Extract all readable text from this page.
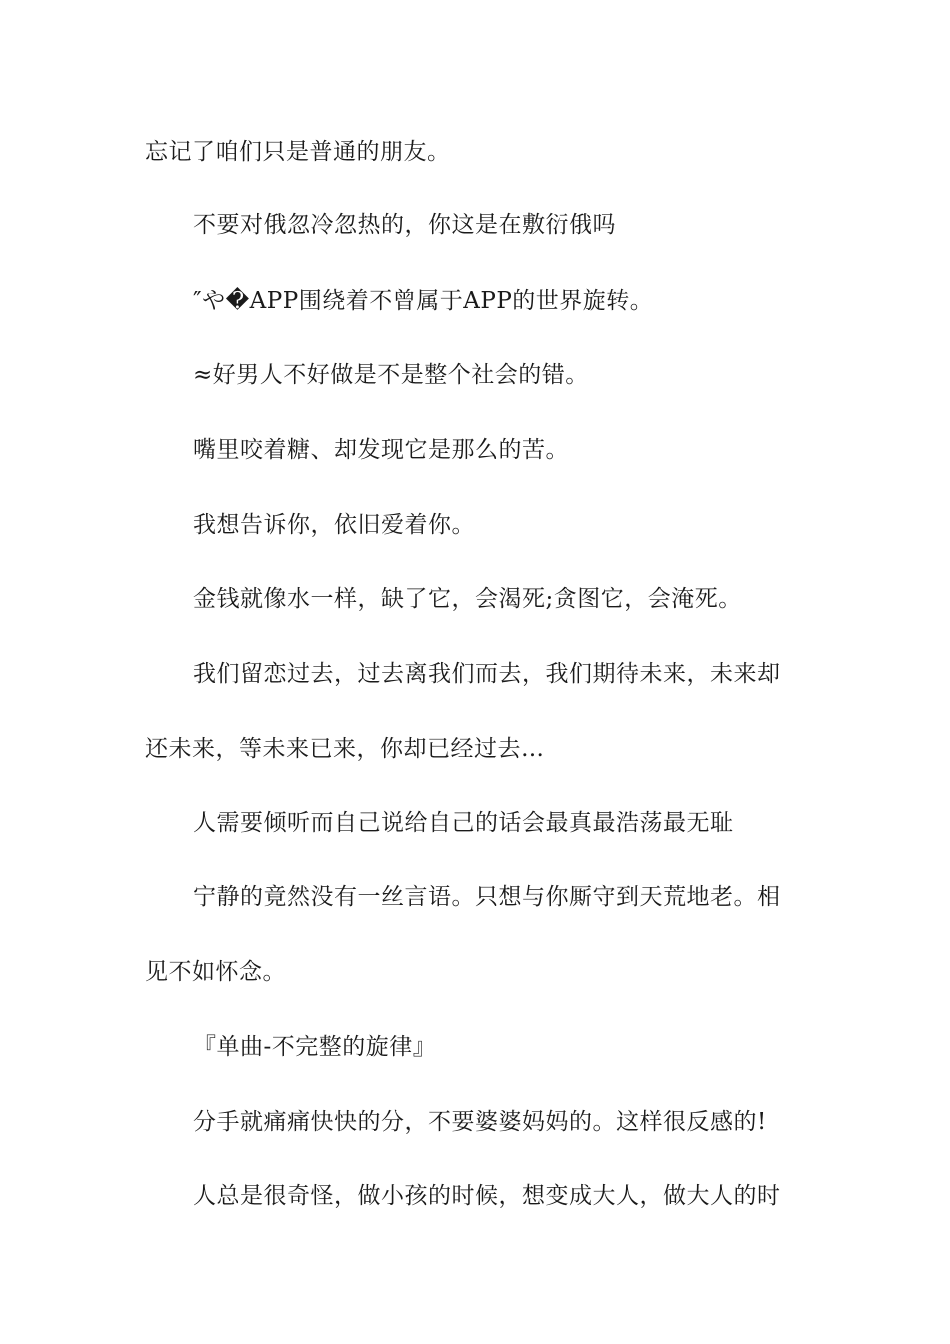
忘记了咱们只是普通的朋友。
不要对俄忽冷忽热的，你这是在敷衍俄吗
″や�APP围绕着不曾属于APP的世界旋转。
≈好男人不好做是不是整个社会的错。
嘴里咬着糖、却发现它是那么的苦。
我想告诉你，依旧爱着你。
金钱就像水一样，缺了它，会渴死;贪图它，会淹死。
我们留恋过去，过去离我们而去，我们期待未来，未来却
还未来，等未来已来，你却已经过去…
人需要倾听而自己说给自己的话会最真最浩荡最无耻
宁静的竟然没有一丝言语。只想与你厮守到天荒地老。相
见不如怀念。
『单曲-不完整的旋律』
分手就痛痛快快的分，不要婆婆妈妈的。这样很反感的!
人总是很奇怪，做小孩的时候，想变成大人，做大人的时
